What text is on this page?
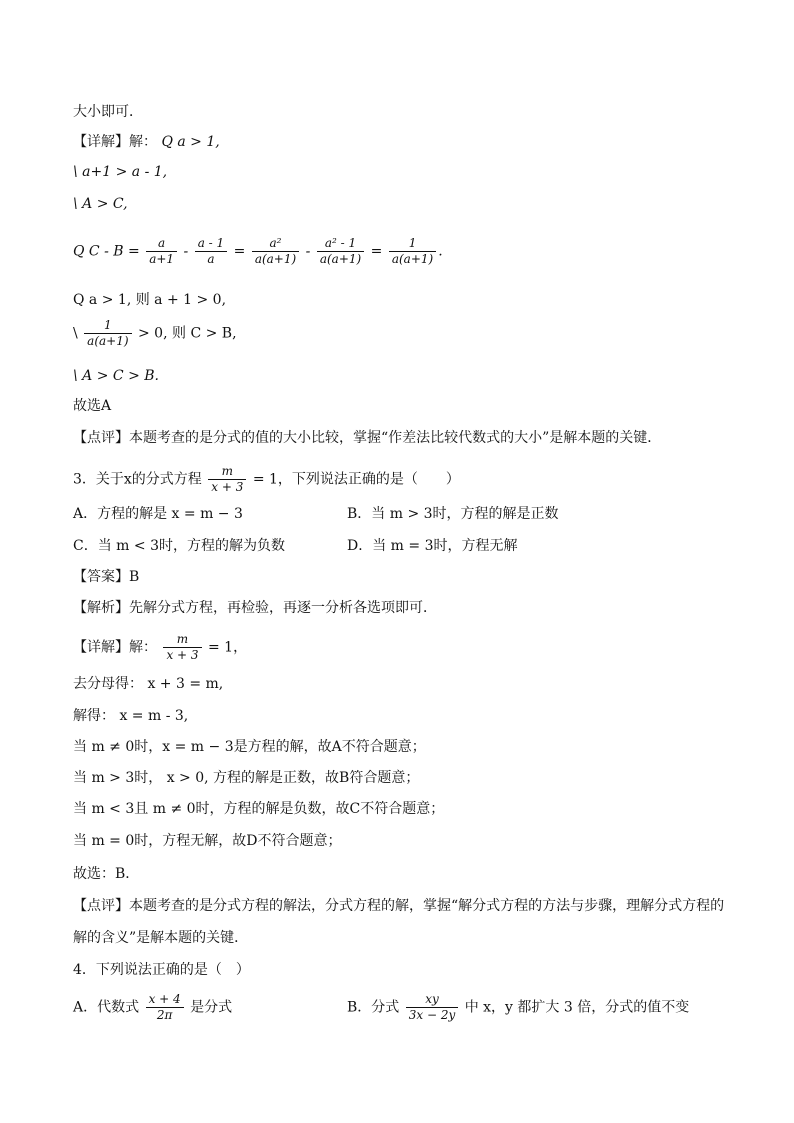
大小即可．
【详解】解： Q a > 1,
\ a+1 > a - 1,
\ A > C,
Q $C - B = \frac{a}{a+1} - \frac{a - 1}{a} = \frac{\text{a²}}{a(a+1)} - \frac{\text{a² - 1}}{a(a+1)} = \frac{1}{a(a+1)}$ .
Q a > 1, 则 a + 1 > 0,
\ $\frac{1}{a(a+1)} > 0$, 则 C > B,
\ A > C > B.
故选A
【点评】本题考查的是分式的值的大小比较，掌握“作差法比较代数式的大小”是解本题的关键．
3．关于x的分式方程 $\frac{m}{x + 3} = 1$，下列说法正确的是（　　）
A．方程的解是 x = m − 3	B．当 m > 3时，方程的解是正数
C．当 m < 3时，方程的解为负数	D．当 m = 3时，方程无解
【答案】B
【解析】先解分式方程，再检验，再逐一分析各选项即可．
【详解】解： $\frac{m}{x + 3} = 1$，
去分母得： x + 3 = m,
解得： x = m - 3,
当 m ≠ 0时，x = m − 3是方程的解，故A不符合题意；
当 m > 3时， x > 0, 方程的解是正数，故B符合题意；
当 m < 3且 m ≠ 0时，方程的解是负数，故C不符合题意；
当 m = 0时，方程无解，故D不符合题意；
故选：B．
【点评】本题考查的是分式方程的解法，分式方程的解，掌握“解分式方程的方法与步骤，理解分式方程的
解的含义”是解本题的关键．
4．下列说法正确的是（　）
A．代数式 $\frac{x + 4}{2\pi}$ 是分式	B．分式 $\frac{xy}{3x - 2y}$ 中 x，y 都扩大 3 倍，分式的值不变
